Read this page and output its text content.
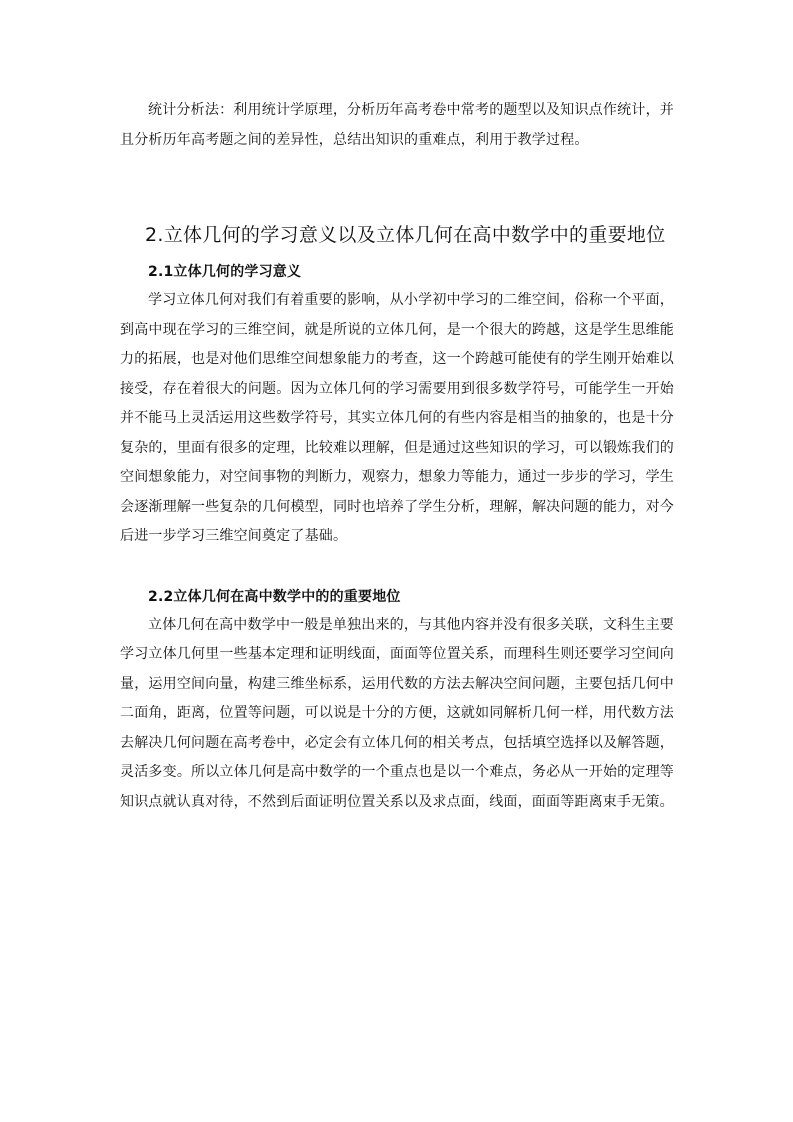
统计分析法：利用统计学原理，分析历年高考卷中常考的题型以及知识点作统计，并且分析历年高考题之间的差异性，总结出知识的重难点，利用于教学过程。

2.立体几何的学习意义以及立体几何在高中数学中的重要地位
2.1立体几何的学习意义

学习立体几何对我们有着重要的影响，从小学初中学习的二维空间，俗称一个平面，到高中现在学习的三维空间，就是所说的立体几何，是一个很大的跨越，这是学生思维能力的拓展，也是对他们思维空间想象能力的考查，这一个跨越可能使有的学生刚开始难以接受，存在着很大的问题。因为立体几何的学习需要用到很多数学符号，可能学生一开始并不能马上灵活运用这些数学符号，其实立体几何的有些内容是相当的抽象的，也是十分复杂的，里面有很多的定理，比较难以理解，但是通过这些知识的学习，可以锻炼我们的空间想象能力，对空间事物的判断力，观察力，想象力等能力，通过一步步的学习，学生会逐渐理解一些复杂的几何模型，同时也培养了学生分析，理解，解决问题的能力，对今后进一步学习三维空间奠定了基础。

2.2立体几何在高中数学中的的重要地位

立体几何在高中数学中一般是单独出来的，与其他内容并没有很多关联，文科生主要学习立体几何里一些基本定理和证明线面，面面等位置关系，而理科生则还要学习空间向量，运用空间向量，构建三维坐标系，运用代数的方法去解决空间问题，主要包括几何中二面角，距离，位置等问题，可以说是十分的方便，这就如同解析几何一样，用代数方法去解决几何问题在高考卷中，必定会有立体几何的相关考点，包括填空选择以及解答题，灵活多变。所以立体几何是高中数学的一个重点也是以一个难点，务必从一开始的定理等知识点就认真对待，不然到后面证明位置关系以及求点面，线面，面面等距离束手无策。
